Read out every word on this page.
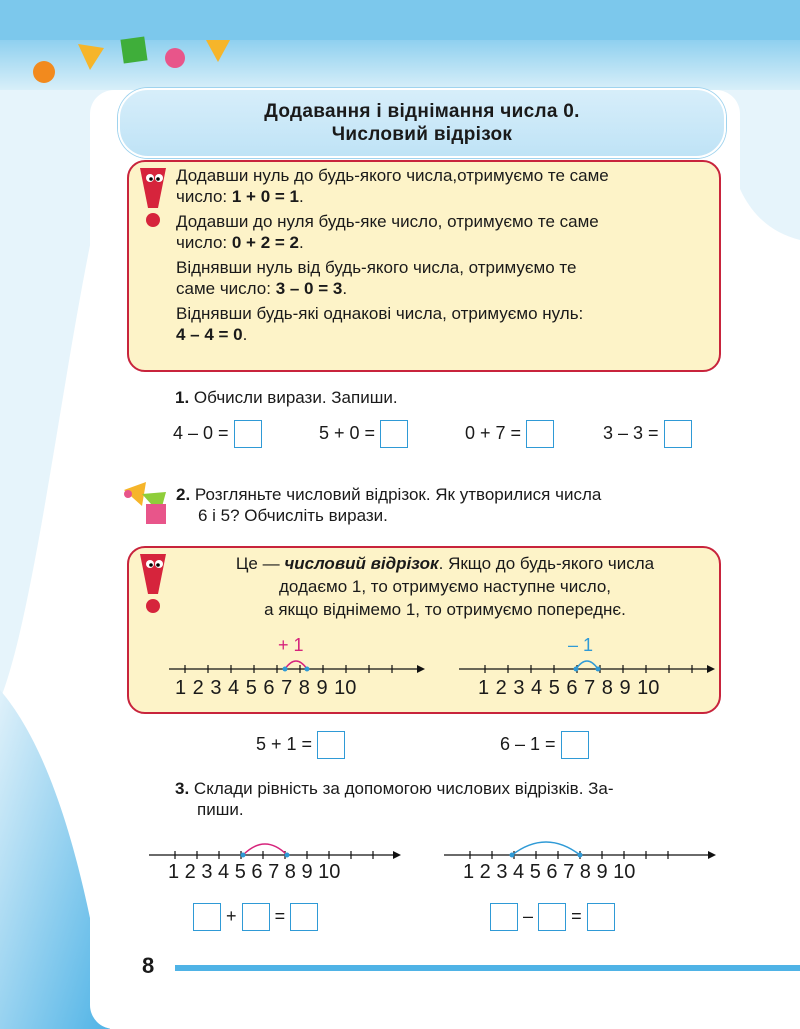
Додавання і віднімання числа 0.
Числовий відрізок
Додавши нуль до будь-якого числа,отримуємо те саме
число: 1 + 0 = 1.
Додавши до нуля будь-яке число, отримуємо те саме
число: 0 + 2 = 2.
Віднявши нуль від будь-якого числа, отримуємо те
саме число: 3 – 0 = 3.
Віднявши будь-які однакові числа, отримуємо нуль:
4 – 4 = 0.
1. Обчисли вирази. Запиши.
4 – 0 =	5 + 0 =	0 + 7 =	3 – 3 =
2. Розгляньте числовий відрізок. Як утворилися числа
6 і 5? Обчисліть вирази.
Це — числовий відрізок. Якщо до будь-якого числа
додаємо 1, то отримуємо наступне число,
а якщо віднімемо 1, то отримуємо попереднє.
+ 1
1 2 3 4 5 6 7 8 9 10
– 1
1 2 3 4 5 6 7 8 9 10
5 + 1 =	6 – 1 =
3. Склади рівність за допомогою числових відрізків. За-
пиши.
1 2 3 4 5 6 7 8 9 10	1 2 3 4 5 6 7 8 9 10
+ =	– =
8
